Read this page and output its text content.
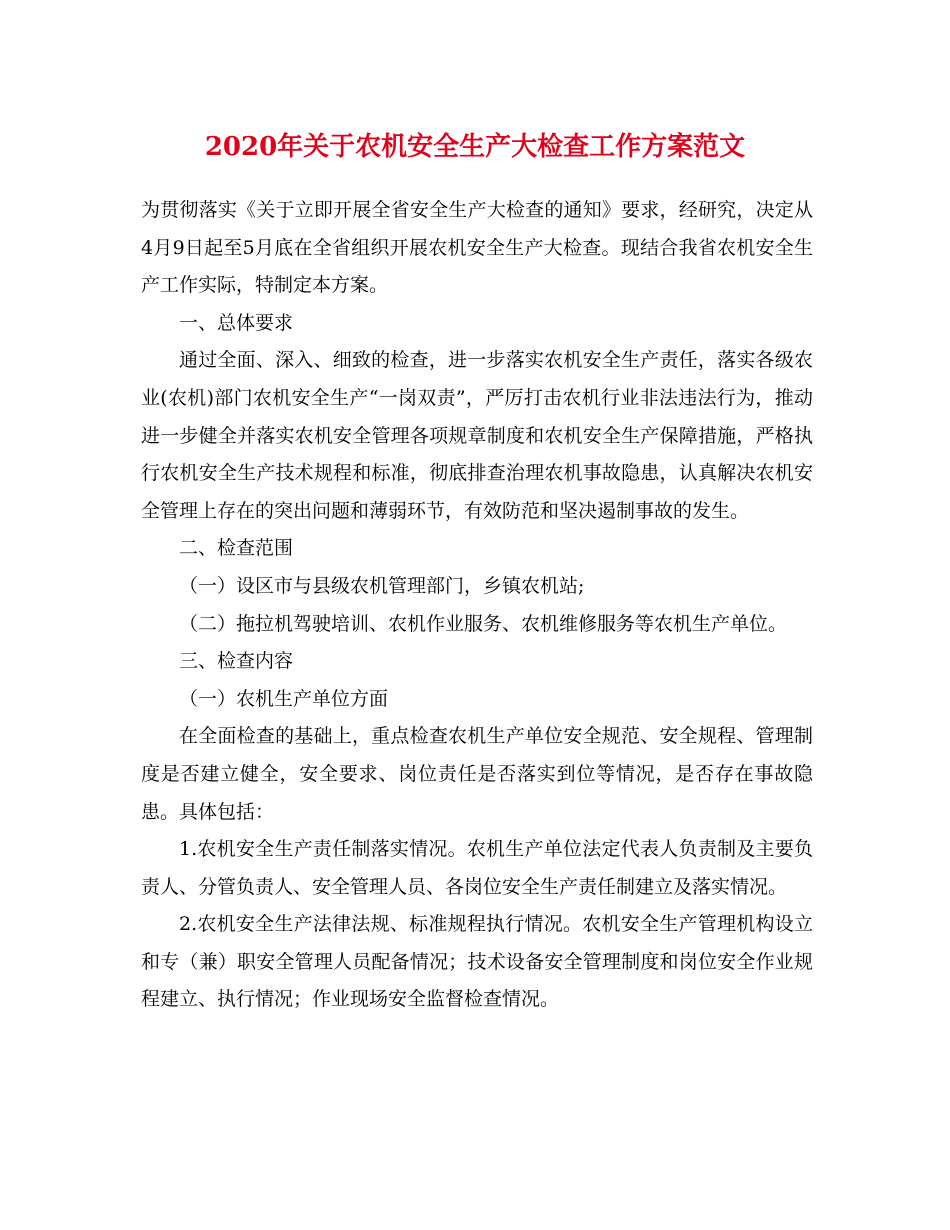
2020年关于农机安全生产大检查工作方案范文

为贯彻落实《关于立即开展全省安全生产大检查的通知》要求，经研究，决定从4月9日起至5月底在全省组织开展农机安全生产大检查。现结合我省农机安全生产工作实际，特制定本方案。

一、总体要求

通过全面、深入、细致的检查，进一步落实农机安全生产责任，落实各级农业(农机)部门农机安全生产“一岗双责”，严厉打击农机行业非法违法行为，推动进一步健全并落实农机安全管理各项规章制度和农机安全生产保障措施，严格执行农机安全生产技术规程和标准，彻底排查治理农机事故隐患，认真解决农机安全管理上存在的突出问题和薄弱环节，有效防范和坚决遏制事故的发生。

二、检查范围

（一）设区市与县级农机管理部门，乡镇农机站;

（二）拖拉机驾驶培训、农机作业服务、农机维修服务等农机生产单位。

三、检查内容

（一）农机生产单位方面

在全面检查的基础上，重点检查农机生产单位安全规范、安全规程、管理制度是否建立健全，安全要求、岗位责任是否落实到位等情况，是否存在事故隐患。具体包括：

1.农机安全生产责任制落实情况。农机生产单位法定代表人负责制及主要负责人、分管负责人、安全管理人员、各岗位安全生产责任制建立及落实情况。

2.农机安全生产法律法规、标准规程执行情况。农机安全生产管理机构设立和专（兼）职安全管理人员配备情况；技术设备安全管理制度和岗位安全作业规程建立、执行情况；作业现场安全监督检查情况。
